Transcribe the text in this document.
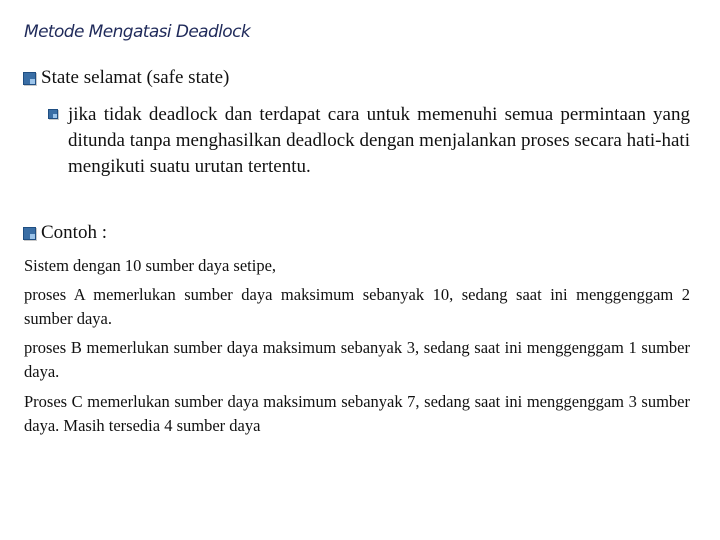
Metode Mengatasi Deadlock
State selamat (safe state)
jika tidak deadlock dan terdapat cara untuk memenuhi semua permintaan yang ditunda tanpa menghasilkan deadlock dengan menjalankan proses secara hati-hati mengikuti suatu urutan tertentu.
Contoh :
Sistem dengan 10 sumber daya setipe,
proses A memerlukan sumber daya maksimum sebanyak 10, sedang saat ini menggenggam 2 sumber daya.
proses B memerlukan sumber daya maksimum sebanyak 3, sedang saat ini menggenggam 1 sumber daya.
Proses C memerlukan sumber daya maksimum sebanyak 7, sedang saat ini menggenggam 3 sumber daya. Masih tersedia 4 sumber daya
